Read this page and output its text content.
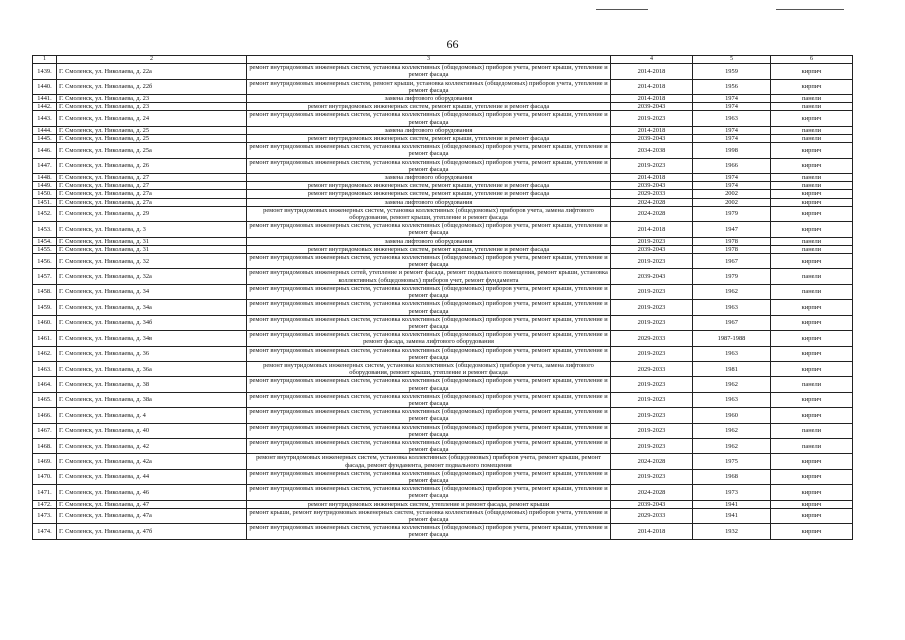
66
1	2	3	4	5	6
1439.	Г. Смоленск, ул. Николаева, д. 22а	ремонт внутридомовых инженерных систем, установка коллективных (общедомовых) приборов учета, ремонт крыши, утепление и ремонт фасада	2014-2018	1959	кирпич
1440.	Г. Смоленск, ул. Николаева, д. 22б	ремонт внутридомовых инженерных систем, ремонт крыши, установка коллективных (общедомовых) приборов учета, утепление и ремонт фасада	2014-2018	1956	кирпич
1441.	Г. Смоленск, ул. Николаева, д. 23	замена лифтового оборудования	2014-2018	1974	панели
1442.	Г. Смоленск, ул. Николаева, д. 23	ремонт внутридомовых инженерных систем, ремонт крыши, утепление и ремонт фасада	2039-2043	1974	панели
1443.	Г. Смоленск, ул. Николаева, д. 24	ремонт внутридомовых инженерных систем, установка коллективных (общедомовых) приборов учета, ремонт крыши, утепление и ремонт фасада	2019-2023	1963	кирпич
1444.	Г. Смоленск, ул. Николаева, д. 25	замена лифтового оборудования	2014-2018	1974	панели
1445.	Г. Смоленск, ул. Николаева, д. 25	ремонт внутридомовых инженерных систем, ремонт крыши, утепление и ремонт фасада	2039-2043	1974	панели
1446.	Г. Смоленск, ул. Николаева, д. 25а	ремонт внутридомовых инженерных систем, установка коллективных (общедомовых) приборов учета, ремонт крыши, утепление и ремонт фасада	2034-2038	1998	кирпич
1447.	Г. Смоленск, ул. Николаева, д. 26	ремонт внутридомовых инженерных систем, установка коллективных (общедомовых) приборов учета, ремонт крыши, утепление и ремонт фасада	2019-2023	1966	кирпич
1448.	Г. Смоленск, ул. Николаева, д. 27	замена лифтового оборудования	2014-2018	1974	панели
1449.	Г. Смоленск, ул. Николаева, д. 27	ремонт внутридомовых инженерных систем, ремонт крыши, утепление и ремонт фасада	2039-2043	1974	панели
1450.	Г. Смоленск, ул. Николаева, д. 27а	ремонт внутридомовых инженерных систем, ремонт крыши, утепление и ремонт фасада	2029-2033	2002	кирпич
1451.	Г. Смоленск, ул. Николаева, д. 27а	замена лифтового оборудования	2024-2028	2002	кирпич
1452.	Г. Смоленск, ул. Николаева, д. 29	ремонт внутридомовых инженерных систем, установка коллективных (общедомовых) приборов учета, замена лифтового оборудования, ремонт крыши, утепление и ремонт фасада	2024-2028	1979	кирпич
1453.	Г. Смоленск, ул. Николаева, д. 3	ремонт внутридомовых инженерных систем, установка коллективных (общедомовых) приборов учета, ремонт крыши, утепление и ремонт фасада	2014-2018	1947	кирпич
1454.	Г. Смоленск, ул. Николаева, д. 31	замена лифтового оборудования	2019-2023	1978	панели
1455.	Г. Смоленск, ул. Николаева, д. 31	ремонт внутридомовых инженерных систем, ремонт крыши, утепление и ремонт фасада	2039-2043	1978	панели
1456.	Г. Смоленск, ул. Николаева, д. 32	ремонт внутридомовых инженерных систем, установка коллективных (общедомовых) приборов учета, ремонт крыши, утепление и ремонт фасада	2019-2023	1967	кирпич
1457.	Г. Смоленск, ул. Николаева, д. 32а	ремонт внутридомовых инженерных сетей, утепление и ремонт фасада, ремонт подвального помещения, ремонт крыши, установка коллективных (общедомовых) приборов учет, ремонт фундамента	2039-2043	1979	панели
1458.	Г. Смоленск, ул. Николаева, д. 34	ремонт внутридомовых инженерных систем, установка коллективных (общедомовых) приборов учета, ремонт крыши, утепление и ремонт фасада	2019-2023	1962	панели
1459.	Г. Смоленск, ул. Николаева, д. 34а	ремонт внутридомовых инженерных систем, установка коллективных (общедомовых) приборов учета, ремонт крыши, утепление и ремонт фасада	2019-2023	1963	кирпич
1460.	Г. Смоленск, ул. Николаева, д. 34б	ремонт внутридомовых инженерных систем, установка коллективных (общедомовых) приборов учета, ремонт крыши, утепление и ремонт фасада	2019-2023	1967	кирпич
1461.	Г. Смоленск, ул. Николаева, д. 34в	ремонт внутридомовых инженерных систем, установка коллективных (общедомовых) приборов учета, ремонт крыши, утепление и ремонт фасада, замена лифтового оборудования	2029-2033	1987-1988	кирпич
1462.	Г. Смоленск, ул. Николаева, д. 36	ремонт внутридомовых инженерных систем, установка коллективных (общедомовых) приборов учета, ремонт крыши, утепление и ремонт фасада	2019-2023	1963	кирпич
1463.	Г. Смоленск, ул. Николаева, д. 36а	ремонт внутридомовых инженерных систем, установка коллективных (общедомовых) приборов учета, замена лифтового оборудования, ремонт крыши, утепление и ремонт фасада	2029-2033	1981	кирпич
1464.	Г. Смоленск, ул. Николаева, д. 38	ремонт внутридомовых инженерных систем, установка коллективных (общедомовых) приборов учета, ремонт крыши, утепление и ремонт фасада	2019-2023	1962	панели
1465.	Г. Смоленск, ул. Николаева, д. 38а	ремонт внутридомовых инженерных систем, установка коллективных (общедомовых) приборов учета, ремонт крыши, утепление и ремонт фасада	2019-2023	1963	кирпич
1466.	Г. Смоленск, ул. Николаева, д. 4	ремонт внутридомовых инженерных систем, установка коллективных (общедомовых) приборов учета, ремонт крыши, утепление и ремонт фасада	2019-2023	1960	кирпич
1467.	Г. Смоленск, ул. Николаева, д. 40	ремонт внутридомовых инженерных систем, установка коллективных (общедомовых) приборов учета, ремонт крыши, утепление и ремонт фасада	2019-2023	1962	панели
1468.	Г. Смоленск, ул. Николаева, д. 42	ремонт внутридомовых инженерных систем, установка коллективных (общедомовых) приборов учета, ремонт крыши, утепление и ремонт фасада	2019-2023	1962	панели
1469.	Г. Смоленск, ул. Николаева, д. 42а	ремонт внутридомовых инженерных систем, установка коллективных (общедомовых) приборов учета, ремонт крыши, ремонт фасада, ремонт фундамента, ремонт подвального помещения	2024-2028	1975	кирпич
1470.	Г. Смоленск, ул. Николаева, д. 44	ремонт внутридомовых инженерных систем, установка коллективных (общедомовых) приборов учета, ремонт крыши, утепление и ремонт фасада	2019-2023	1968	кирпич
1471.	Г. Смоленск, ул. Николаева, д. 46	ремонт внутридомовых инженерных систем, установка коллективных (общедомовых) приборов учета, ремонт крыши, утепление и ремонт фасада	2024-2028	1973	кирпич
1472.	Г. Смоленск, ул. Николаева, д. 47	ремонт внутридомовых инженерных систем, утепление и ремонт фасада, ремонт крыши	2039-2043	1941	кирпич
1473.	Г. Смоленск, ул. Николаева, д. 47а	ремонт крыши, ремонт внутридомовых инженерных систем, установка коллективных (общедомовых) приборов учета, утепление и ремонт фасада	2029-2033	1941	кирпич
1474.	Г. Смоленск, ул. Николаева, д. 47б	ремонт внутридомовых инженерных систем, установка коллективных (общедомовых) приборов учета, ремонт крыши, утепление и ремонт фасада	2014-2018	1932	кирпич
